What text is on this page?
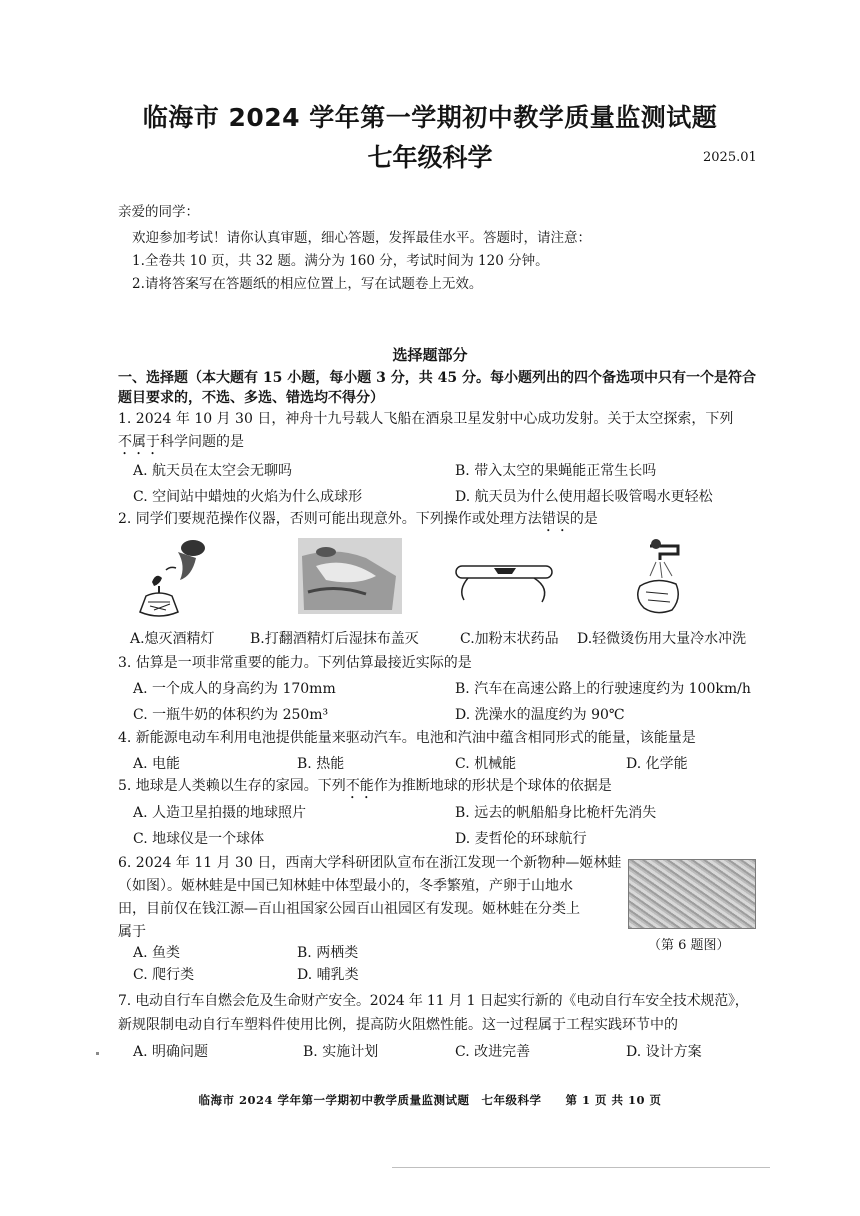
临海市 2024 学年第一学期初中教学质量监测试题
七年级科学	2025.01
亲爱的同学：
欢迎参加考试！请你认真审题，细心答题，发挥最佳水平。答题时，请注意：
1.全卷共 10 页，共 32 题。满分为 160 分，考试时间为 120 分钟。
2.请将答案写在答题纸的相应位置上，写在试题卷上无效。
选择题部分
一、选择题（本大题有 15 小题，每小题 3 分，共 45 分。每小题列出的四个备选项中只有一个是符合题目要求的，不选、多选、错选均不得分）
1. 2024 年 10 月 30 日，神舟十九号载人飞船在酒泉卫星发射中心成功发射。关于太空探索，下列
不属于科学问题的是
A. 航天员在太空会无聊吗	B. 带入太空的果蝇能正常生长吗
C. 空间站中蜡烛的火焰为什么成球形	D. 航天员为什么使用超长吸管喝水更轻松
2. 同学们要规范操作仪器，否则可能出现意外。下列操作或处理方法错误的是
A.熄灭酒精灯	B.打翻酒精灯后湿抹布盖灭	C.加粉末状药品 D.轻微烫伤用大量冷水冲洗
3. 估算是一项非常重要的能力。下列估算最接近实际的是
A. 一个成人的身高约为 170mm	B. 汽车在高速公路上的行驶速度约为 100km/h
C. 一瓶牛奶的体积约为 250m³	D. 洗澡水的温度约为 90℃
4. 新能源电动车利用电池提供能量来驱动汽车。电池和汽油中蕴含相同形式的能量，该能量是
A. 电能	B. 热能	C. 机械能	D. 化学能
5. 地球是人类赖以生存的家园。下列不能作为推断地球的形状是个球体的依据是
A. 人造卫星拍摄的地球照片	B. 远去的帆船船身比桅杆先消失
C. 地球仪是一个球体	D. 麦哲伦的环球航行
6. 2024 年 11 月 30 日，西南大学科研团队宣布在浙江发现一个新物种—姬林蛙
（如图）。姬林蛙是中国已知林蛙中体型最小的，冬季繁殖，产卵于山地水
田，目前仅在钱江源—百山祖国家公园百山祖园区有发现。姬林蛙在分类上
属于
（第 6 题图）
A. 鱼类	B. 两栖类
C. 爬行类	D. 哺乳类
7. 电动自行车自燃会危及生命财产安全。2024 年 11 月 1 日起实行新的《电动自行车安全技术规范》，
新规限制电动自行车塑料件使用比例，提高防火阻燃性能。这一过程属于工程实践环节中的
A. 明确问题	B. 实施计划	C. 改进完善	D. 设计方案
临海市 2024 学年第一学期初中教学质量监测试题　七年级科学　　第 1 页 共 10 页
